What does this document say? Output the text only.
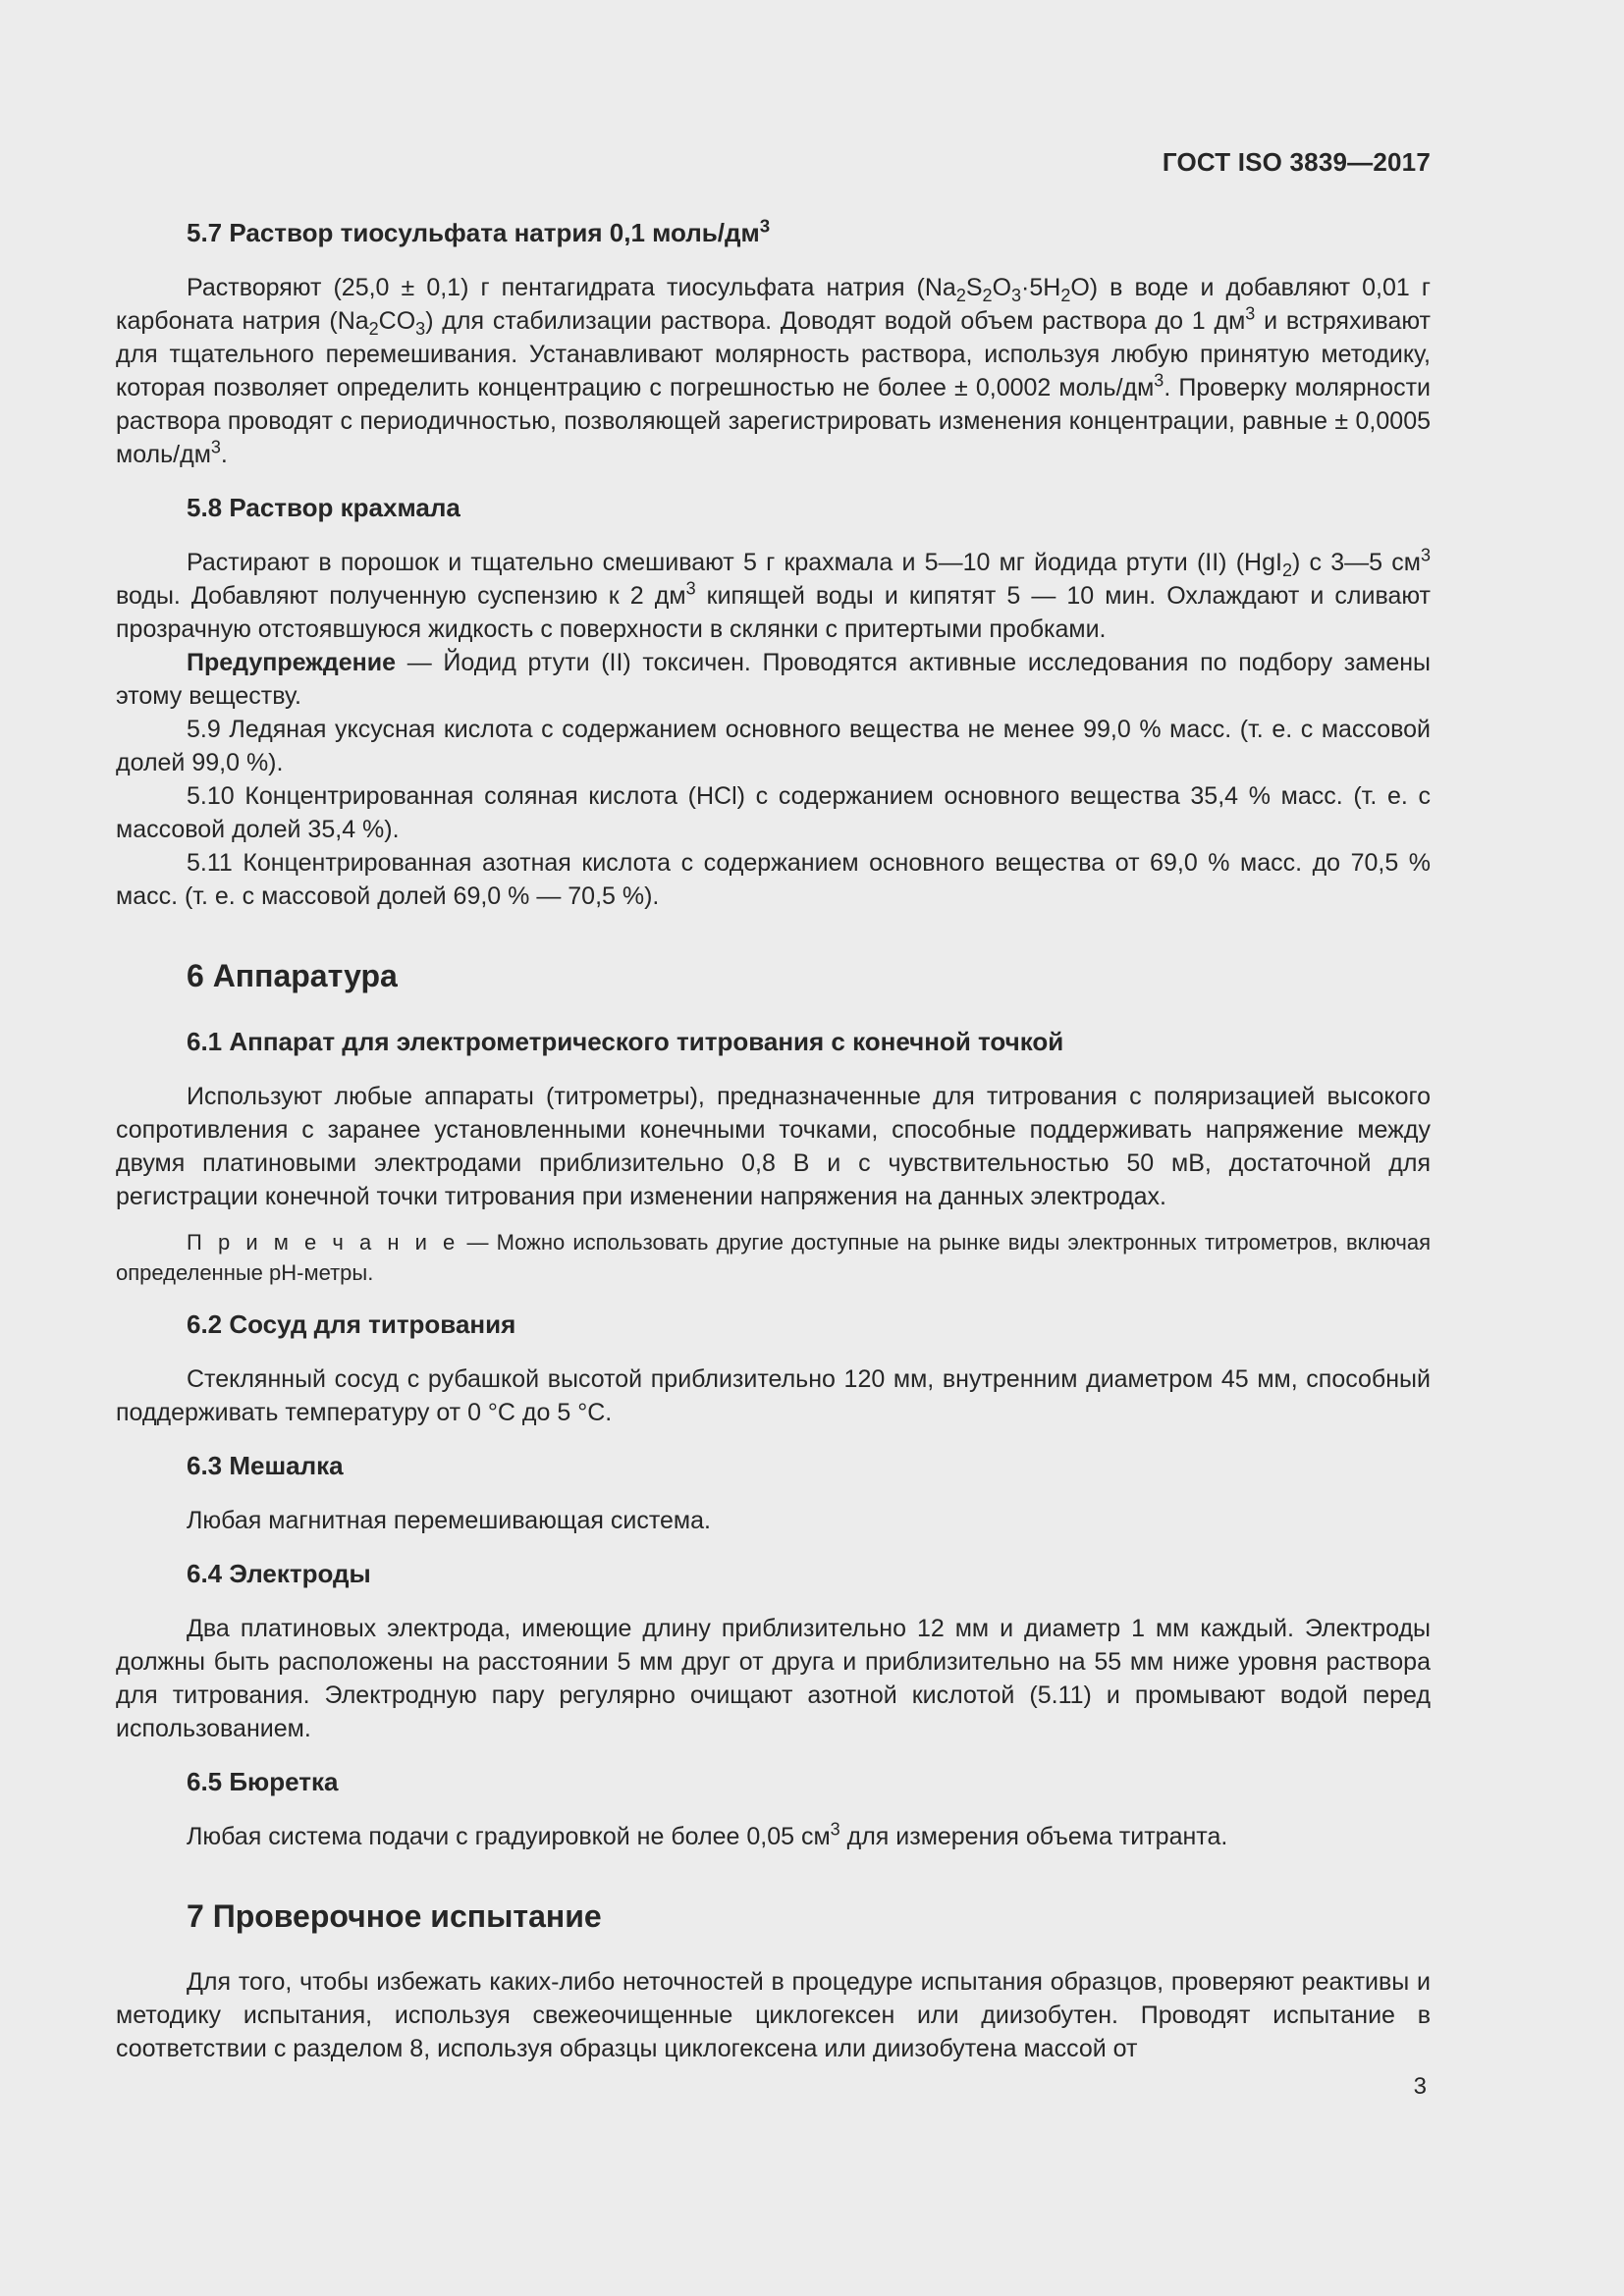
ГОСТ ISO 3839—2017
5.7 Раствор тиосульфата натрия 0,1 моль/$дм^3$

Растворяют (25,0 ± 0,1) г пентагидрата тиосульфата натрия $(Na_2S_2O_3\cdot 5H_2O)$ в воде и добавляют 0,01 г карбоната натрия $(Na_2CO_3)$ для стабилизации раствора. Доводят водой объем раствора до 1 $дм^3$ и встряхивают для тщательного перемешивания. Устанавливают молярность раствора, используя любую принятую методику, которая позволяет определить концентрацию с погрешностью не более ± 0,0002 моль/$дм^3$. Проверку молярности раствора проводят с периодичностью, позволяющей зарегистрировать изменения концентрации, равные ± 0,0005 моль/$дм^3$.

5.8 Раствор крахмала

Растирают в порошок и тщательно смешивают 5 г крахмала и 5—10 мг йодида ртути (II) (HgI$_2$) с 3—5 $см^3$ воды. Добавляют полученную суспензию к 2 $дм^3$ кипящей воды и кипятят 5 — 10 мин. Охлаждают и сливают прозрачную отстоявшуюся жидкость с поверхности в склянки с притертыми пробками.

Предупреждение — Йодид ртути (II) токсичен. Проводятся активные исследования по подбору замены этому веществу.

5.9 Ледяная уксусная кислота с содержанием основного вещества не менее 99,0 % масс. (т. е. с массовой долей 99,0 %).

5.10 Концентрированная соляная кислота (HCl) с содержанием основного вещества 35,4 % масс. (т. е. с массовой долей 35,4 %).

5.11 Концентрированная азотная кислота с содержанием основного вещества от 69,0 % масс. до 70,5 % масс. (т. е. с массовой долей 69,0 % — 70,5 %).

6 Аппаратура
6.1 Аппарат для электрометрического титрования с конечной точкой

Используют любые аппараты (титрометры), предназначенные для титрования с поляризацией высокого сопротивления с заранее установленными конечными точками, способные поддерживать напряжение между двумя платиновыми электродами приблизительно 0,8 В и с чувствительностью 50 мВ, достаточной для регистрации конечной точки титрования при изменении напряжения на данных электродах.

П р и м е ч а н и е — Можно использовать другие доступные на рынке виды электронных титрометров, включая определенные pH-метры.

6.2 Сосуд для титрования

Стеклянный сосуд с рубашкой высотой приблизительно 120 мм, внутренним диаметром 45 мм, способный поддерживать температуру от 0 °С до 5 °С.

6.3 Мешалка

Любая магнитная перемешивающая система.

6.4 Электроды

Два платиновых электрода, имеющие длину приблизительно 12 мм и диаметр 1 мм каждый. Электроды должны быть расположены на расстоянии 5 мм друг от друга и приблизительно на 55 мм ниже уровня раствора для титрования. Электродную пару регулярно очищают азотной кислотой (5.11) и промывают водой перед использованием.

6.5 Бюретка

Любая система подачи с градуировкой не более 0,05 $см^3$ для измерения объема титранта.

7 Проверочное испытание

Для того, чтобы избежать каких-либо неточностей в процедуре испытания образцов, проверяют реактивы и методику испытания, используя свежеочищенные циклогексен или диизобутен. Проводят испытание в соответствии с разделом 8, используя образцы циклогексена или диизобутена массой от

3
